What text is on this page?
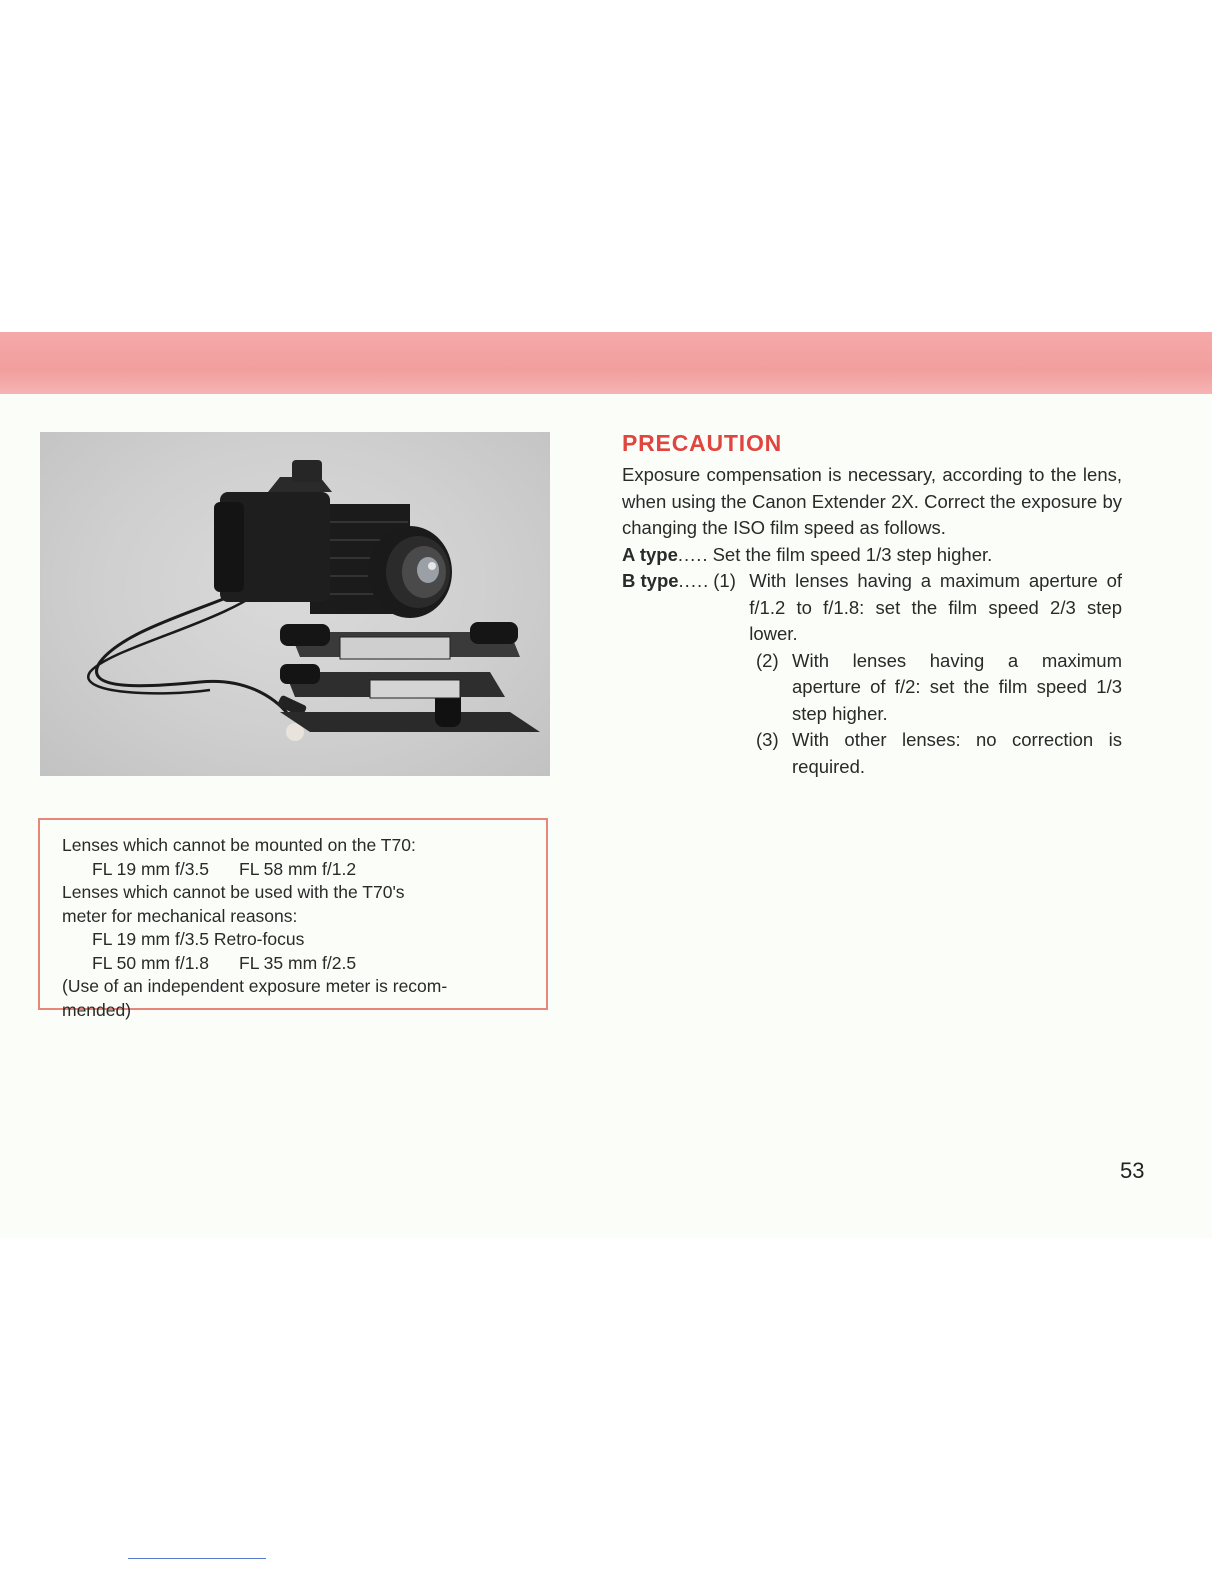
Lenses which cannot be mounted on the T70:
FL 19 mm f/3.5 FL 58 mm f/1.2
Lenses which cannot be used with the T70's
meter for mechanical reasons:
FL 19 mm f/3.5 Retro-focus
FL 50 mm f/1.8 FL 35 mm f/2.5
(Use of an independent exposure meter is recom-
mended)
PRECAUTION
Exposure compensation is necessary, according to the lens, when using the Canon Extender 2X. Correct the exposure by changing the ISO film speed as follows.
A type ..... Set the film speed 1/3 step higher.
B type ..... (1) With lenses having a maximum aperture of f/1.2 to f/1.8: set the film speed 2/3 step lower.
(2) With lenses having a maximum aperture of f/2: set the film speed 1/3 step higher.
(3) With other lenses: no correction is required.
53
